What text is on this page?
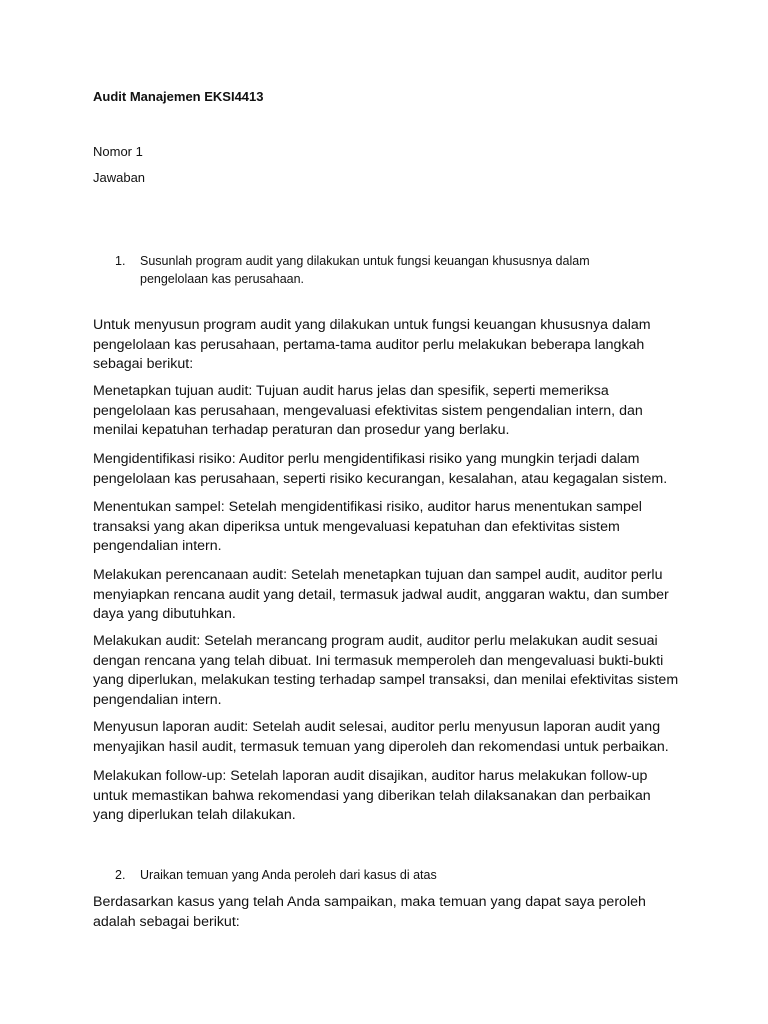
Audit Manajemen EKSI4413

Nomor 1

Jawaban

1. Susunlah program audit yang dilakukan untuk fungsi keuangan khususnya dalam pengelolaan kas perusahaan.

Untuk menyusun program audit yang dilakukan untuk fungsi keuangan khususnya dalam pengelolaan kas perusahaan, pertama-tama auditor perlu melakukan beberapa langkah sebagai berikut:

Menetapkan tujuan audit: Tujuan audit harus jelas dan spesifik, seperti memeriksa pengelolaan kas perusahaan, mengevaluasi efektivitas sistem pengendalian intern, dan menilai kepatuhan terhadap peraturan dan prosedur yang berlaku.

Mengidentifikasi risiko: Auditor perlu mengidentifikasi risiko yang mungkin terjadi dalam pengelolaan kas perusahaan, seperti risiko kecurangan, kesalahan, atau kegagalan sistem.

Menentukan sampel: Setelah mengidentifikasi risiko, auditor harus menentukan sampel transaksi yang akan diperiksa untuk mengevaluasi kepatuhan dan efektivitas sistem pengendalian intern.

Melakukan perencanaan audit: Setelah menetapkan tujuan dan sampel audit, auditor perlu menyiapkan rencana audit yang detail, termasuk jadwal audit, anggaran waktu, dan sumber daya yang dibutuhkan.

Melakukan audit: Setelah merancang program audit, auditor perlu melakukan audit sesuai dengan rencana yang telah dibuat. Ini termasuk memperoleh dan mengevaluasi bukti-bukti yang diperlukan, melakukan testing terhadap sampel transaksi, dan menilai efektivitas sistem pengendalian intern.

Menyusun laporan audit: Setelah audit selesai, auditor perlu menyusun laporan audit yang menyajikan hasil audit, termasuk temuan yang diperoleh dan rekomendasi untuk perbaikan.

Melakukan follow-up: Setelah laporan audit disajikan, auditor harus melakukan follow-up untuk memastikan bahwa rekomendasi yang diberikan telah dilaksanakan dan perbaikan yang diperlukan telah dilakukan.

2. Uraikan temuan yang Anda peroleh dari kasus di atas

Berdasarkan kasus yang telah Anda sampaikan, maka temuan yang dapat saya peroleh adalah sebagai berikut:
